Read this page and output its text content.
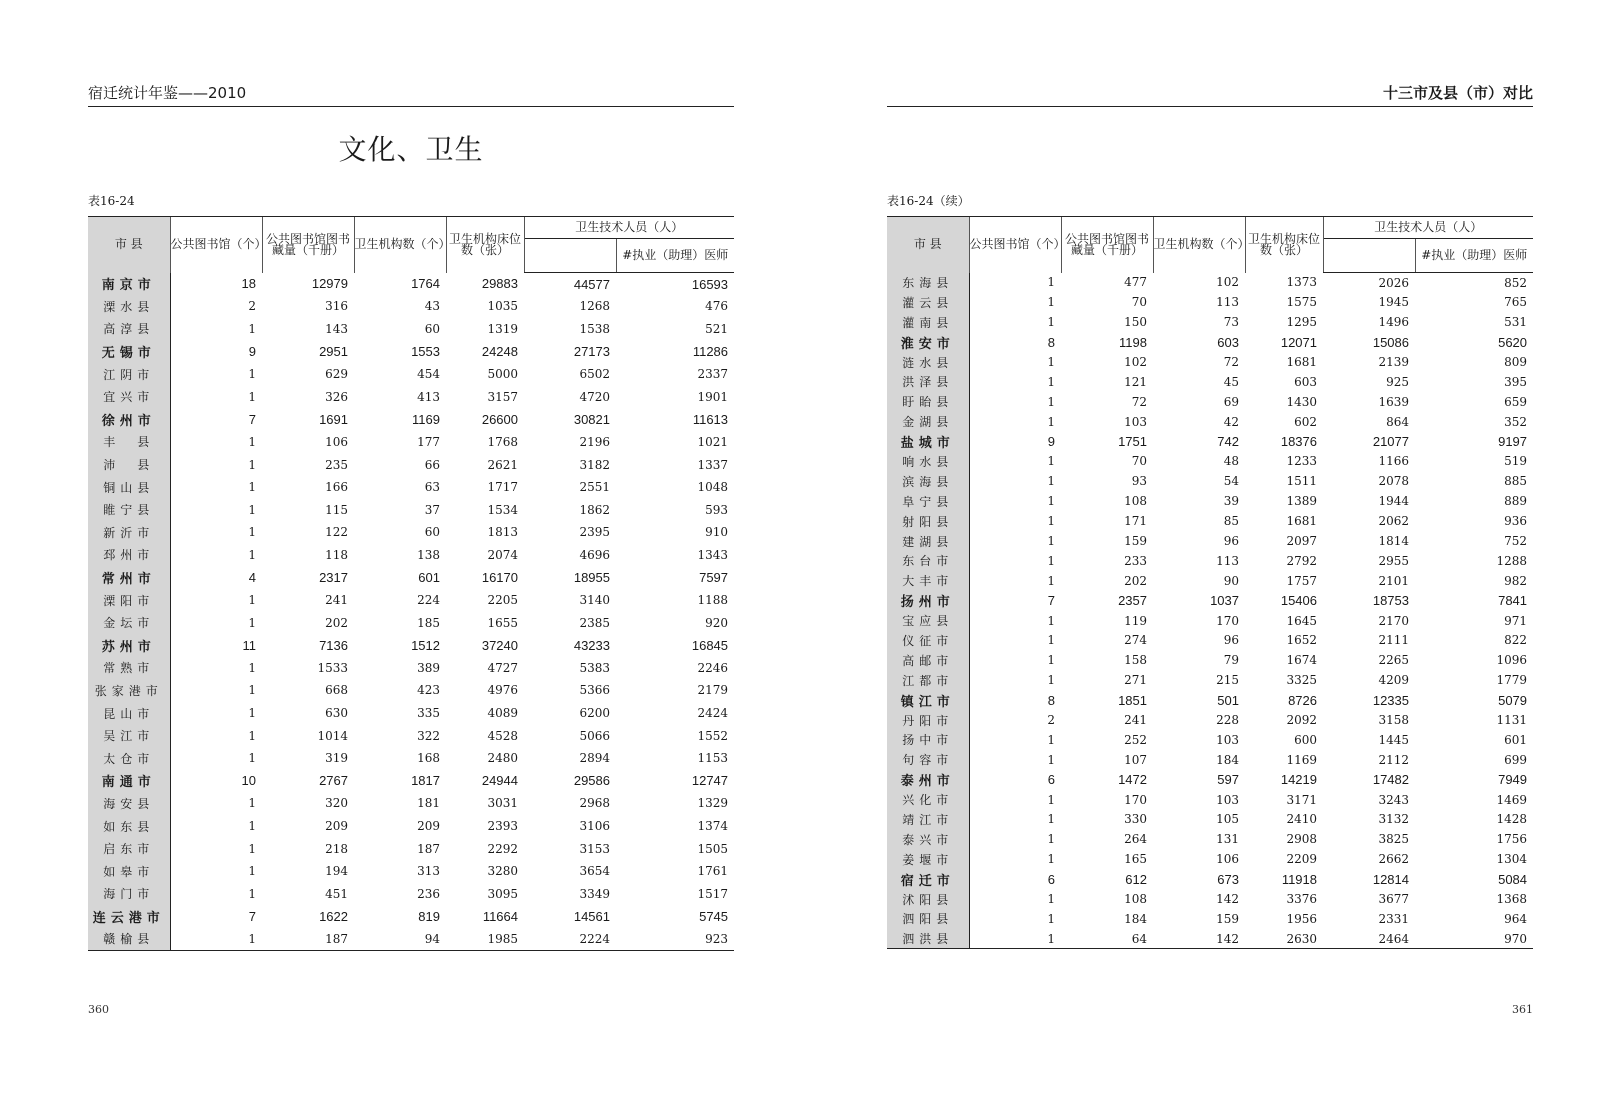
宿迁统计年鉴——2010
文化、卫生
表16-24
市 县	公共图书馆（个）	公共图书馆图书藏量（千册）	卫生机构数（个）	卫生机构床位数（张）	卫生技术人员（人）	
						#执业（助理）医师
南京市	18	12979	1764	29883	44577	16593
溧水县	2	316	43	1035	1268	476
高淳县	1	143	60	1319	1538	521
无锡市	9	2951	1553	24248	27173	11286
江阴市	1	629	454	5000	6502	2337
宜兴市	1	326	413	3157	4720	1901
徐州市	7	1691	1169	26600	30821	11613
丰　县	1	106	177	1768	2196	1021
沛　县	1	235	66	2621	3182	1337
铜山县	1	166	63	1717	2551	1048
睢宁县	1	115	37	1534	1862	593
新沂市	1	122	60	1813	2395	910
邳州市	1	118	138	2074	4696	1343
常州市	4	2317	601	16170	18955	7597
溧阳市	1	241	224	2205	3140	1188
金坛市	1	202	185	1655	2385	920
苏州市	11	7136	1512	37240	43233	16845
常熟市	1	1533	389	4727	5383	2246
张家港市	1	668	423	4976	5366	2179
昆山市	1	630	335	4089	6200	2424
吴江市	1	1014	322	4528	5066	1552
太仓市	1	319	168	2480	2894	1153
南通市	10	2767	1817	24944	29586	12747
海安县	1	320	181	3031	2968	1329
如东县	1	209	209	2393	3106	1374
启东市	1	218	187	2292	3153	1505
如皋市	1	194	313	3280	3654	1761
海门市	1	451	236	3095	3349	1517
连云港市	7	1622	819	11664	14561	5745
赣榆县	1	187	94	1985	2224	923
360
十三市及县（市）对比
表16-24（续）
市 县	公共图书馆（个）	公共图书馆图书藏量（千册）	卫生机构数（个）	卫生机构床位数（张）	卫生技术人员（人）	
						#执业（助理）医师
东海县	1	477	102	1373	2026	852
灌云县	1	70	113	1575	1945	765
灌南县	1	150	73	1295	1496	531
淮安市	8	1198	603	12071	15086	5620
涟水县	1	102	72	1681	2139	809
洪泽县	1	121	45	603	925	395
盱眙县	1	72	69	1430	1639	659
金湖县	1	103	42	602	864	352
盐城市	9	1751	742	18376	21077	9197
响水县	1	70	48	1233	1166	519
滨海县	1	93	54	1511	2078	885
阜宁县	1	108	39	1389	1944	889
射阳县	1	171	85	1681	2062	936
建湖县	1	159	96	2097	1814	752
东台市	1	233	113	2792	2955	1288
大丰市	1	202	90	1757	2101	982
扬州市	7	2357	1037	15406	18753	7841
宝应县	1	119	170	1645	2170	971
仪征市	1	274	96	1652	2111	822
高邮市	1	158	79	1674	2265	1096
江都市	1	271	215	3325	4209	1779
镇江市	8	1851	501	8726	12335	5079
丹阳市	2	241	228	2092	3158	1131
扬中市	1	252	103	600	1445	601
句容市	1	107	184	1169	2112	699
泰州市	6	1472	597	14219	17482	7949
兴化市	1	170	103	3171	3243	1469
靖江市	1	330	105	2410	3132	1428
泰兴市	1	264	131	2908	3825	1756
姜堰市	1	165	106	2209	2662	1304
宿迁市	6	612	673	11918	12814	5084
沭阳县	1	108	142	3376	3677	1368
泗阳县	1	184	159	1956	2331	964
泗洪县	1	64	142	2630	2464	970
361
